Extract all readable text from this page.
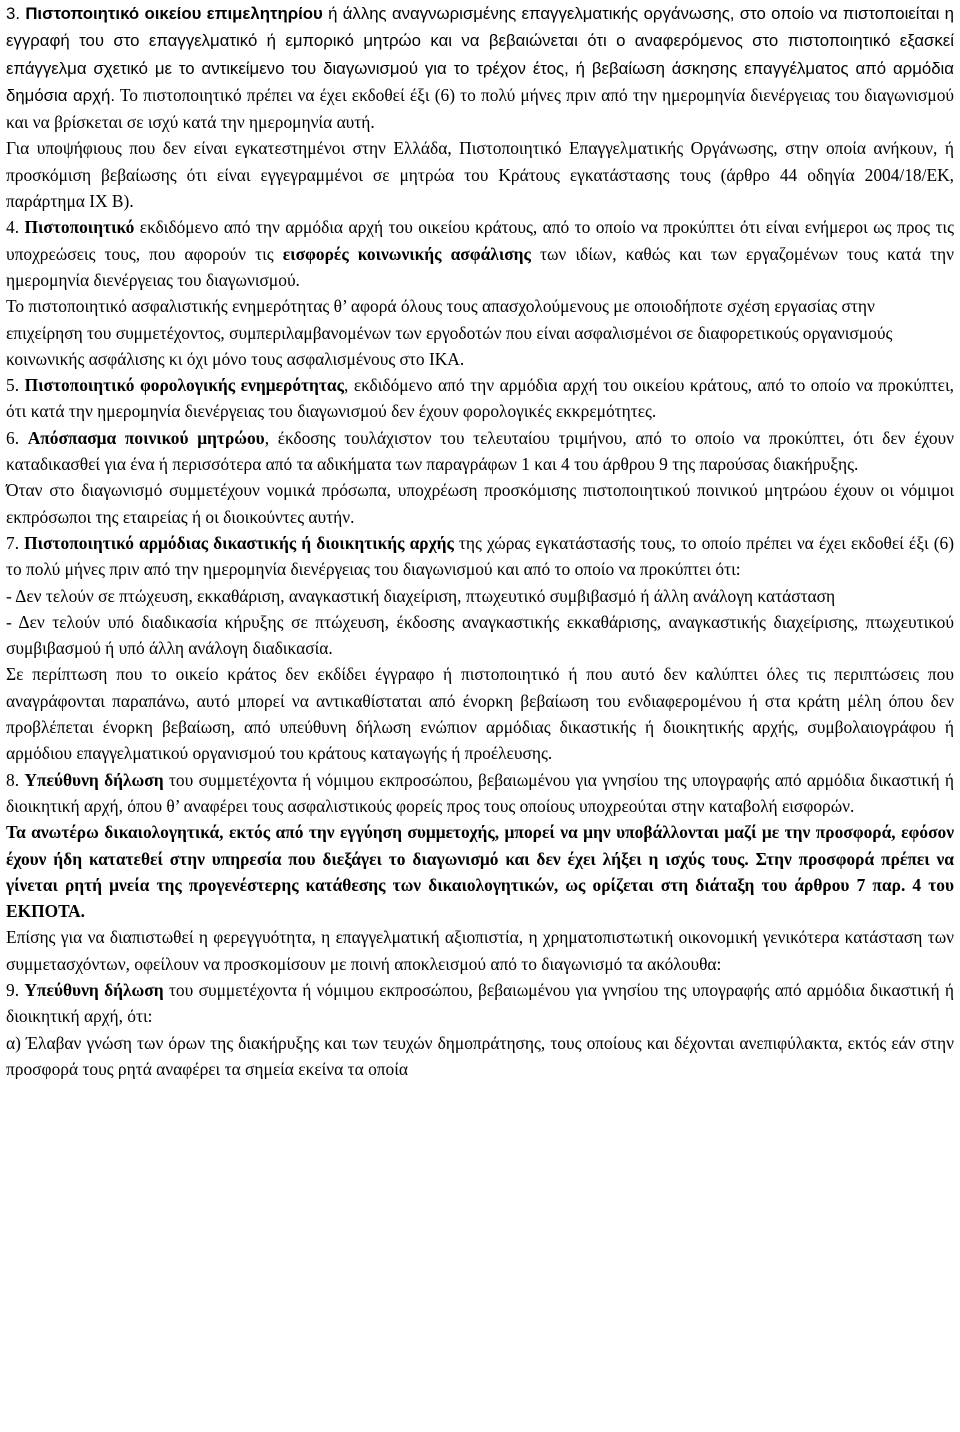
3. Πιστοποιητικό οικείου επιμελητηρίου ή άλλης αναγνωρισμένης επαγγελματικής οργάνωσης, στο οποίο να πιστοποιείται η εγγραφή του στο επαγγελματικό ή εμπορικό μητρώο και να βεβαιώνεται ότι ο αναφερόμενος στο πιστοποιητικό εξασκεί επάγγελμα σχετικό με το αντικείμενο του διαγωνισμού για το τρέχον έτος, ή βεβαίωση άσκησης επαγγέλματος από αρμόδια δημόσια αρχή. Το πιστοποιητικό πρέπει να έχει εκδοθεί έξι (6) το πολύ μήνες πριν από την ημερομηνία διενέργειας του διαγωνισμού και να βρίσκεται σε ισχύ κατά την ημερομηνία αυτή.

Για υποψήφιους που δεν είναι εγκατεστημένοι στην Ελλάδα, Πιστοποιητικό Επαγγελματικής Οργάνωσης, στην οποία ανήκουν, ή προσκόμιση βεβαίωσης ότι είναι εγγεγραμμένοι σε μητρώα του Κράτους εγκατάστασης τους (άρθρο 44 οδηγία 2004/18/ΕΚ, παράρτημα ΙΧ Β).

4. Πιστοποιητικό εκδιδόμενο από την αρμόδια αρχή του οικείου κράτους, από το οποίο να προκύπτει ότι είναι ενήμεροι ως προς τις υποχρεώσεις τους, που αφορούν τις εισφορές κοινωνικής ασφάλισης των ιδίων, καθώς και των εργαζομένων τους κατά την ημερομηνία διενέργειας του διαγωνισμού.

Το πιστοποιητικό ασφαλιστικής ενημερότητας θ’ αφορά όλους τους απασχολούμενους με οποιοδήποτε σχέση εργασίας στην επιχείρηση του συμμετέχοντος, συμπεριλαμβανομένων των εργοδοτών που είναι ασφαλισμένοι σε διαφορετικούς οργανισμούς κοινωνικής ασφάλισης κι όχι μόνο τους ασφαλισμένους στο ΙΚΑ.

5. Πιστοποιητικό φορολογικής ενημερότητας, εκδιδόμενο από την αρμόδια αρχή του οικείου κράτους, από το οποίο να προκύπτει, ότι κατά την ημερομηνία διενέργειας του διαγωνισμού δεν έχουν φορολογικές εκκρεμότητες.

6. Απόσπασμα ποινικού μητρώου, έκδοσης τουλάχιστον του τελευταίου τριμήνου, από το οποίο να προκύπτει, ότι δεν έχουν καταδικασθεί για ένα ή περισσότερα από τα αδικήματα των παραγράφων 1 και 4 του άρθρου 9 της παρούσας διακήρυξης.

Όταν στο διαγωνισμό συμμετέχουν νομικά πρόσωπα, υποχρέωση προσκόμισης πιστοποιητικού ποινικού μητρώου έχουν οι νόμιμοι εκπρόσωποι της εταιρείας ή οι διοικούντες αυτήν.

7. Πιστοποιητικό αρμόδιας δικαστικής ή διοικητικής αρχής της χώρας εγκατάστασής τους, το οποίο πρέπει να έχει εκδοθεί έξι (6) το πολύ μήνες πριν από την ημερομηνία διενέργειας του διαγωνισμού και από το οποίο να προκύπτει ότι:

- Δεν τελούν σε πτώχευση, εκκαθάριση, αναγκαστική διαχείριση, πτωχευτικό συμβιβασμό ή άλλη ανάλογη κατάσταση

- Δεν τελούν υπό διαδικασία κήρυξης σε πτώχευση, έκδοσης αναγκαστικής εκκαθάρισης, αναγκαστικής διαχείρισης, πτωχευτικού συμβιβασμού ή υπό άλλη ανάλογη διαδικασία.

Σε περίπτωση που το οικείο κράτος δεν εκδίδει έγγραφο ή πιστοποιητικό ή που αυτό δεν καλύπτει όλες τις περιπτώσεις που αναγράφονται παραπάνω, αυτό μπορεί να αντικαθίσταται από ένορκη βεβαίωση του ενδιαφερομένου ή στα κράτη μέλη όπου δεν προβλέπεται ένορκη βεβαίωση, από υπεύθυνη δήλωση ενώπιον αρμόδιας δικαστικής ή διοικητικής αρχής, συμβολαιογράφου ή αρμόδιου επαγγελματικού οργανισμού του κράτους καταγωγής ή προέλευσης.

8. Υπεύθυνη δήλωση του συμμετέχοντα ή νόμιμου εκπροσώπου, βεβαιωμένου για γνησίου της υπογραφής από αρμόδια δικαστική ή διοικητική αρχή, όπου θ’ αναφέρει τους ασφαλιστικούς φορείς προς τους οποίους υποχρεούται στην καταβολή εισφορών.

Τα ανωτέρω δικαιολογητικά, εκτός από την εγγύηση συμμετοχής, μπορεί να μην υποβάλλονται μαζί με την προσφορά, εφόσον έχουν ήδη κατατεθεί στην υπηρεσία που διεξάγει το διαγωνισμό και δεν έχει λήξει η ισχύς τους. Στην προσφορά πρέπει να γίνεται ρητή μνεία της προγενέστερης κατάθεσης των δικαιολογητικών, ως ορίζεται στη διάταξη του άρθρου 7 παρ. 4 του ΕΚΠΟΤΑ.

Επίσης για να διαπιστωθεί η φερεγγυότητα, η επαγγελματική αξιοπιστία, η χρηματοπιστωτική οικονομική γενικότερα κατάσταση των συμμετασχόντων, οφείλουν να προσκομίσουν με ποινή αποκλεισμού από το διαγωνισμό τα ακόλουθα:

9. Υπεύθυνη δήλωση του συμμετέχοντα ή νόμιμου εκπροσώπου, βεβαιωμένου για γνησίου της υπογραφής από αρμόδια δικαστική ή διοικητική αρχή, ότι:

α) Έλαβαν γνώση των όρων της διακήρυξης και των τευχών δημοπράτησης, τους οποίους και δέχονται ανεπιφύλακτα, εκτός εάν στην προσφορά τους ρητά αναφέρει τα σημεία εκείνα τα οποία
